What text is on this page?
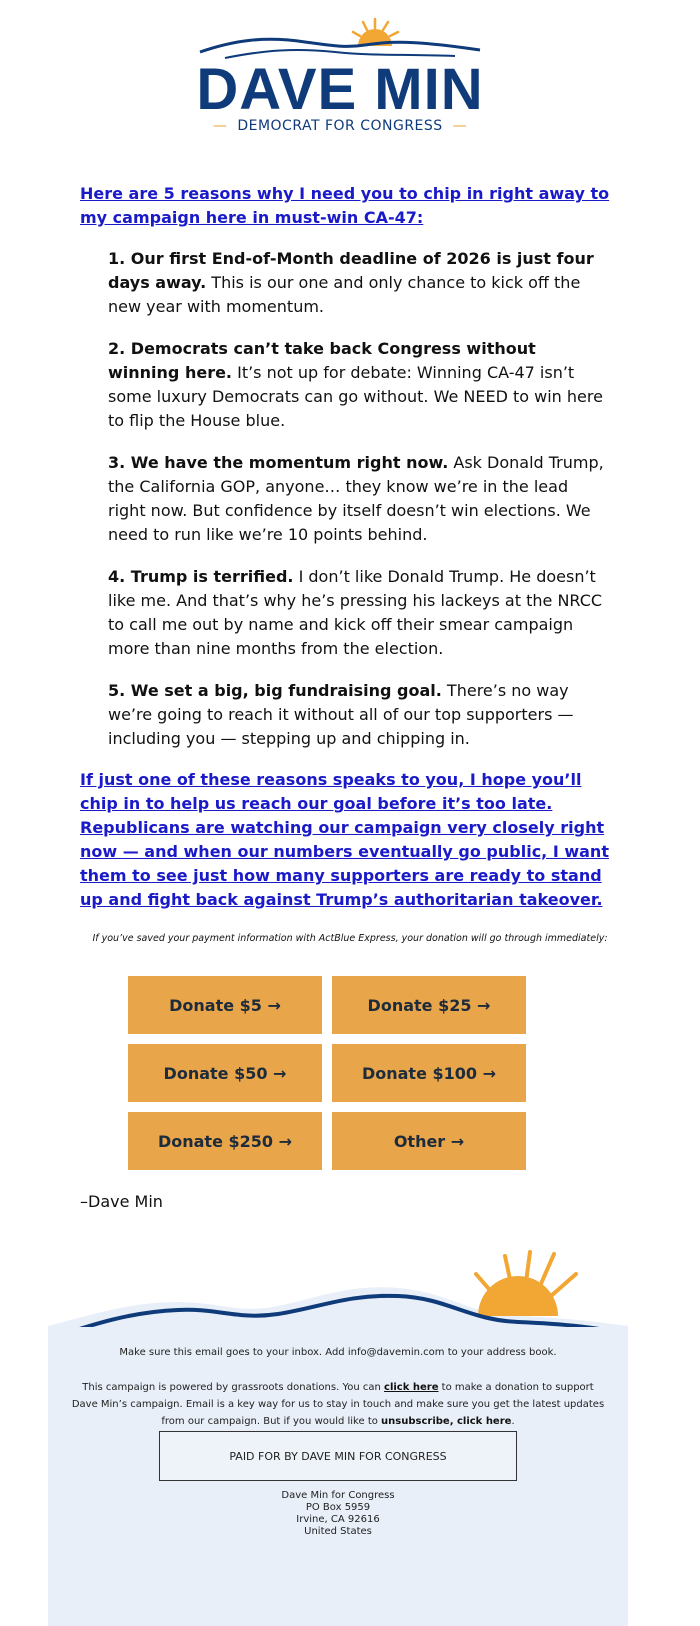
DAVE MIN
—  DEMOCRAT FOR CONGRESS  —
Here are 5 reasons why I need you to chip in right away to my campaign here in must-win CA-47:
1. Our first End-of-Month deadline of 2026 is just four days away. This is our one and only chance to kick off the new year with momentum.
2. Democrats can’t take back Congress without winning here. It’s not up for debate: Winning CA-47 isn’t some luxury Democrats can go without. We NEED to win here to flip the House blue.
3. We have the momentum right now. Ask Donald Trump, the California GOP, anyone… they know we’re in the lead right now. But confidence by itself doesn’t win elections. We need to run like we’re 10 points behind.
4. Trump is terrified. I don’t like Donald Trump. He doesn’t like me. And that’s why he’s pressing his lackeys at the NRCC to call me out by name and kick off their smear campaign more than nine months from the election.
5. We set a big, big fundraising goal. There’s no way we’re going to reach it without all of our top supporters — including you — stepping up and chipping in.
If just one of these reasons speaks to you, I hope you’ll chip in to help us reach our goal before it’s too late. Republicans are watching our campaign very closely right now — and when our numbers eventually go public, I want them to see just how many supporters are ready to stand up and fight back against Trump’s authoritarian takeover.
If you’ve saved your payment information with ActBlue Express, your donation will go through immediately:
Donate $5 →	Donate $25 →
Donate $50 →	Donate $100 →
Donate $250 →	Other →
–Dave Min
Make sure this email goes to your inbox. Add info@davemin.com to your address book.
This campaign is powered by grassroots donations. You can click here to make a donation to support Dave Min’s campaign. Email is a key way for us to stay in touch and make sure you get the latest updates from our campaign. But if you would like to unsubscribe, click here.
PAID FOR BY DAVE MIN FOR CONGRESS
Dave Min for Congress
PO Box 5959
Irvine, CA 92616
United States
